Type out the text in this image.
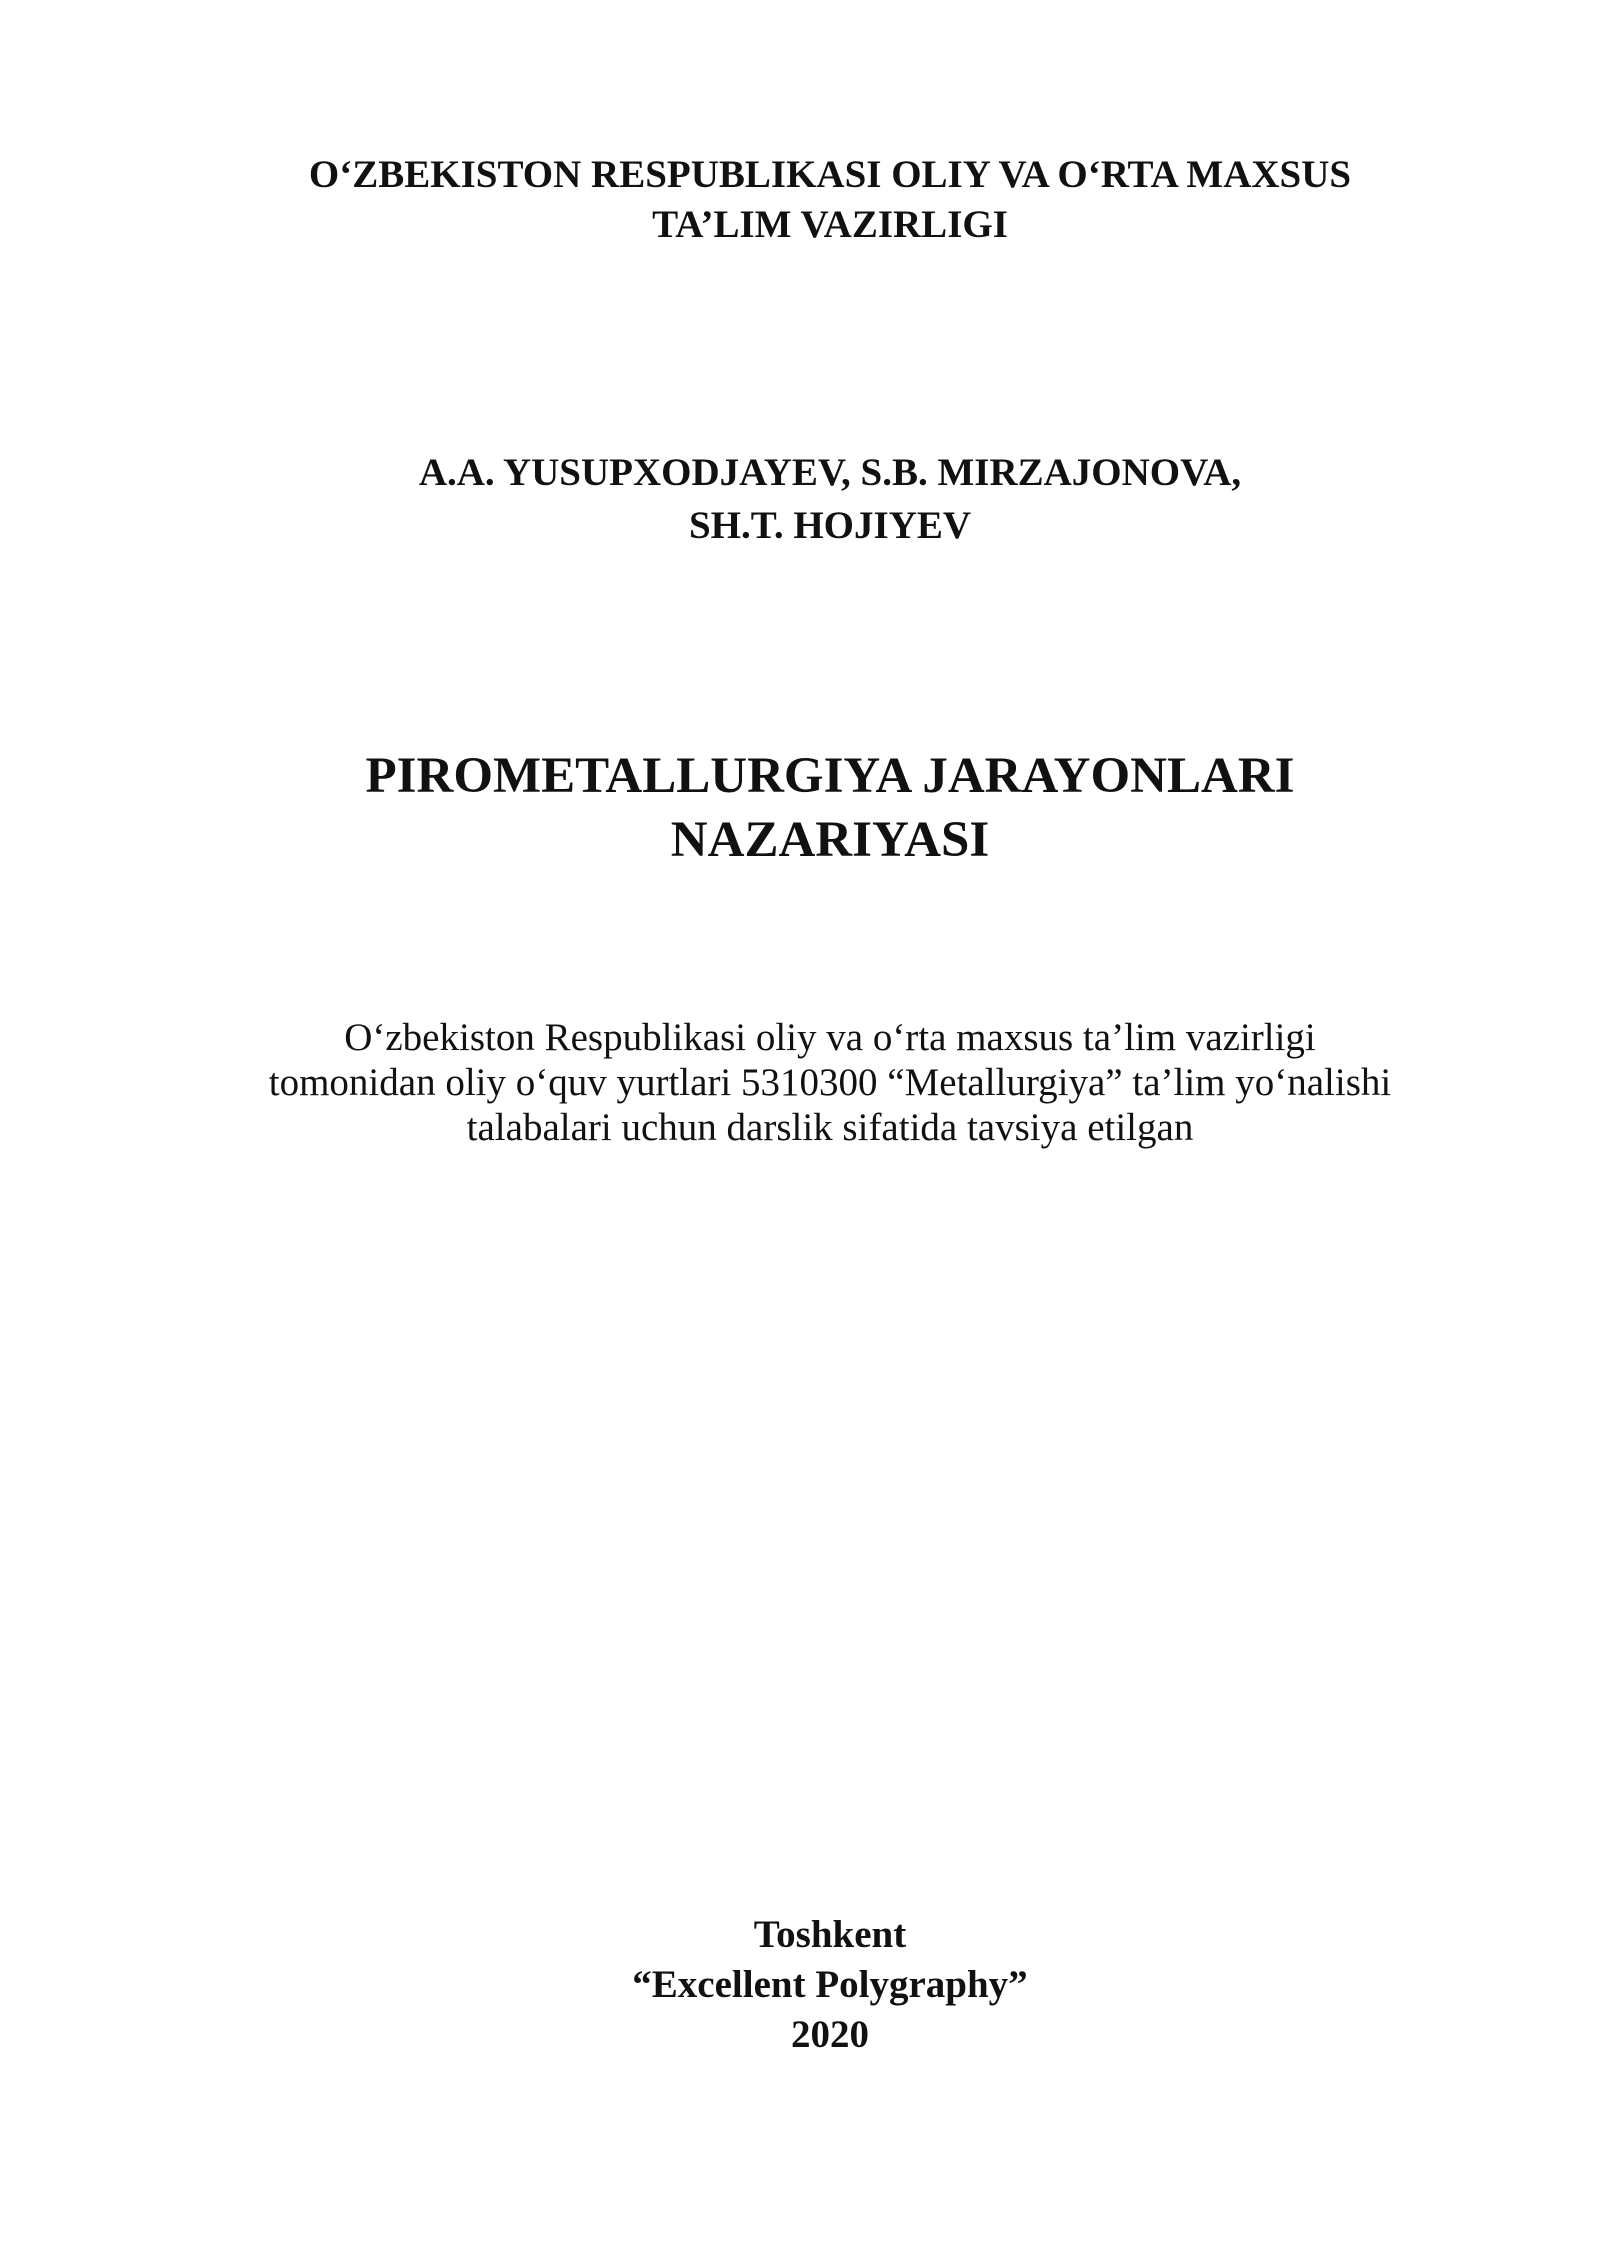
O‘ZBEKISTON RESPUBLIKASI OLIY VA O‘RTA MAXSUS
TA’LIM VAZIRLIGI
A.A. YUSUPXODJAYEV, S.B. MIRZAJONOVA,
SH.T. HOJIYEV
PIROMETALLURGIYA JARAYONLARI
NAZARIYASI
O‘zbekiston Respublikasi oliy va o‘rta maxsus ta’lim vazirligi
tomonidan oliy o‘quv yurtlari 5310300 “Metallurgiya” ta’lim yo‘nalishi
talabalari uchun darslik sifatida tavsiya etilgan
Toshkent
“Excellent Polygraphy”
2020
